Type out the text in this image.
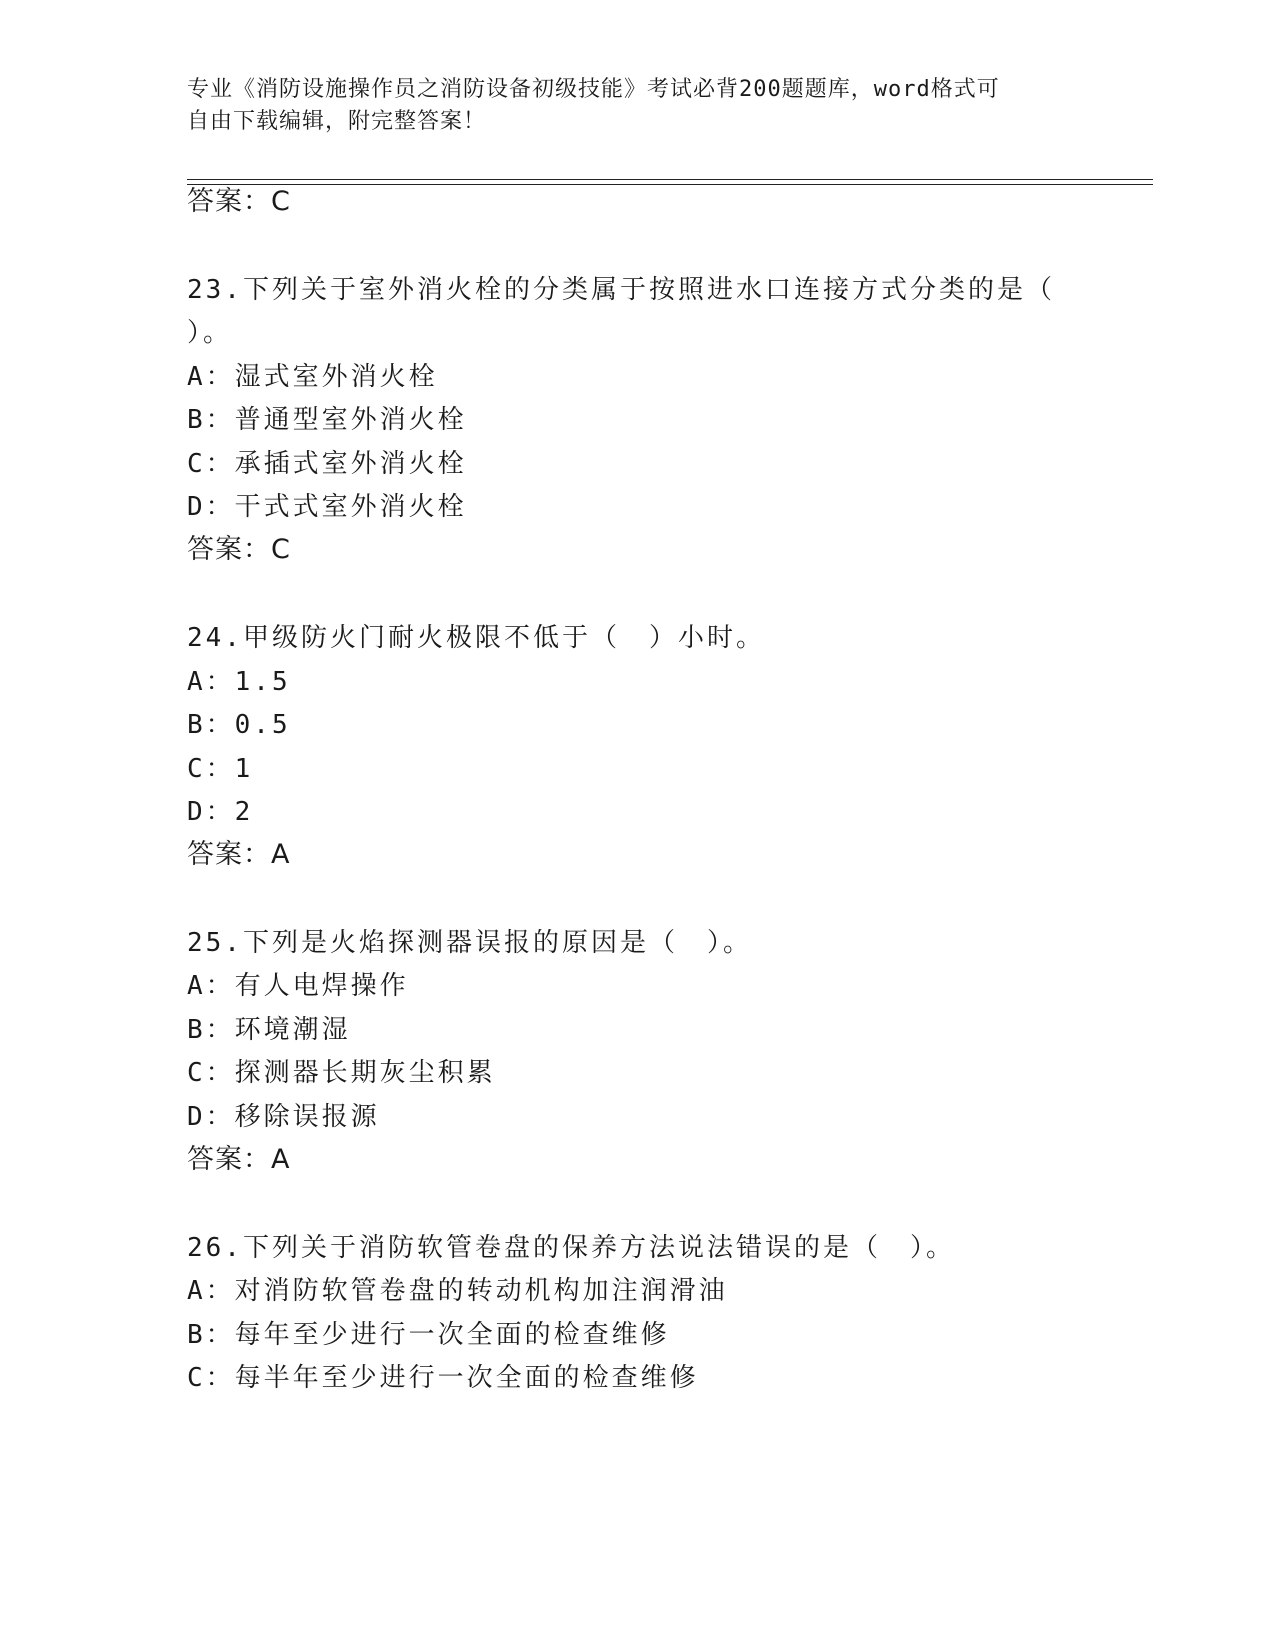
专业《消防设施操作员之消防设备初级技能》考试必背200题题库，word格式可
自由下载编辑，附完整答案！
答案：C
23.下列关于室外消火栓的分类属于按照进水口连接方式分类的是（
）。
A：湿式室外消火栓
B：普通型室外消火栓
C：承插式室外消火栓
D：干式式室外消火栓
答案：C
24.甲级防火门耐火极限不低于（　）小时。
A：1.5
B：0.5
C：1
D：2
答案：A
25.下列是火焰探测器误报的原因是（　）。
A：有人电焊操作
B：环境潮湿
C：探测器长期灰尘积累
D：移除误报源
答案：A
26.下列关于消防软管卷盘的保养方法说法错误的是（　）。
A：对消防软管卷盘的转动机构加注润滑油
B：每年至少进行一次全面的检查维修
C：每半年至少进行一次全面的检查维修
